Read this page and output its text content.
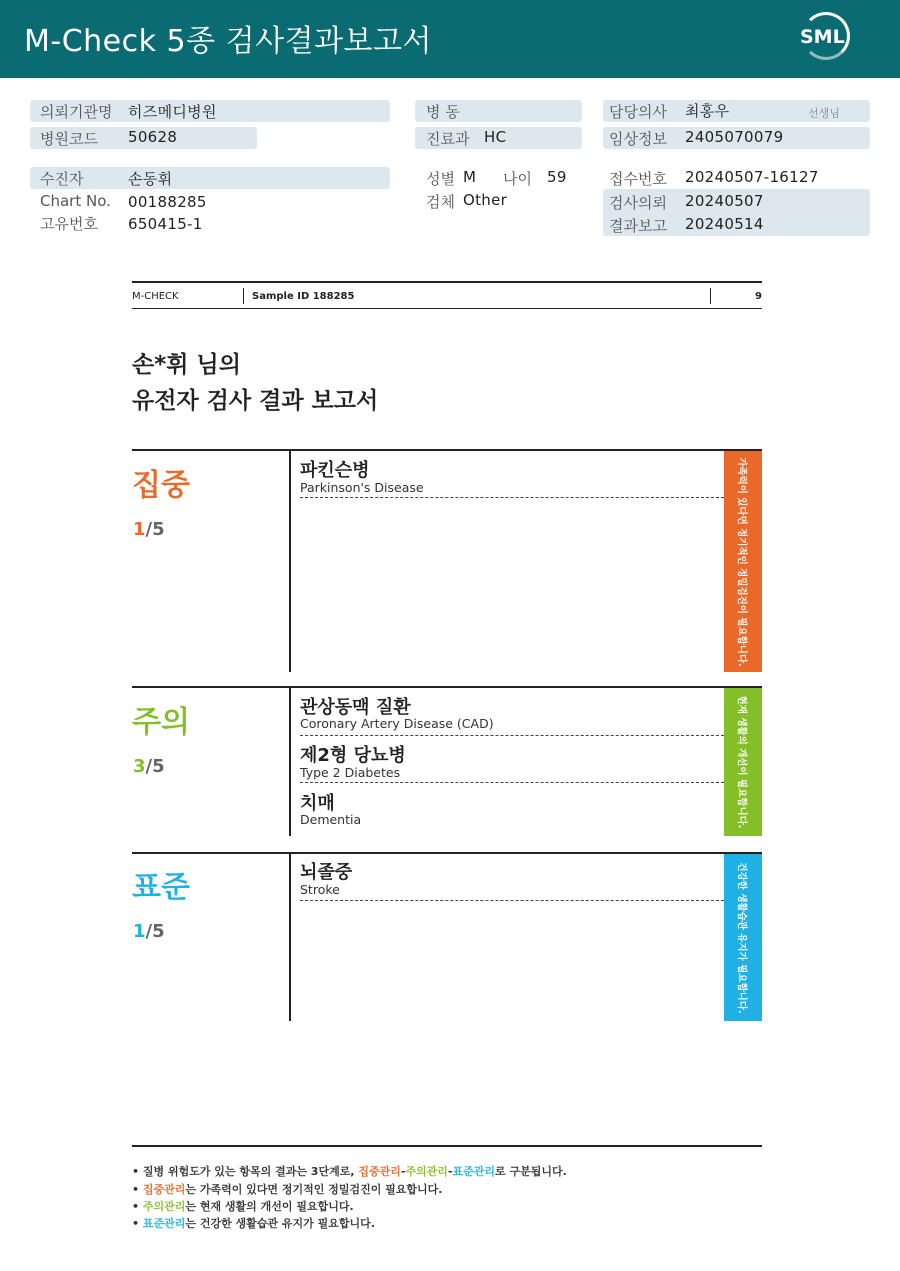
M-Check 5종 검사결과보고서	SML
의뢰기관명 히즈메디병원
병원코드 50628
수진자	손동휘
Chart No. 00188285
고유번호 650415-1
병 동
진료과 HC
성별 M 나이 59
검체 Other
담당의사 최홍우	선생님
임상정보 2405070079
접수번호 20240507-16127
검사의뢰 20240507
결과보고 20240514
M-CHECK	Sample ID 188285	9
손*휘 님의
유전자 검사 결과 보고서
집중
1/5
파킨슨병
Parkinson's Disease	가족력이 있다면 정기적인 정밀검진이 필요합니다.
주의
3/5
관상동맥 질환
Coronary Artery Disease (CAD)
제2형 당뇨병
Type 2 Diabetes
치매
Dementia	현재 생활의 개선이 필요합니다.
표준
1/5
뇌졸중
Stroke	건강한 생활습관 유지가 필요합니다.
• 질병 위험도가 있는 항목의 결과는 3단계로, 집중관리-주의관리-표준관리로 구분됩니다.
• 집중관리는 가족력이 있다면 정기적인 정밀검진이 필요합니다.
• 주의관리는 현재 생활의 개선이 필요합니다.
• 표준관리는 건강한 생활습관 유지가 필요합니다.
